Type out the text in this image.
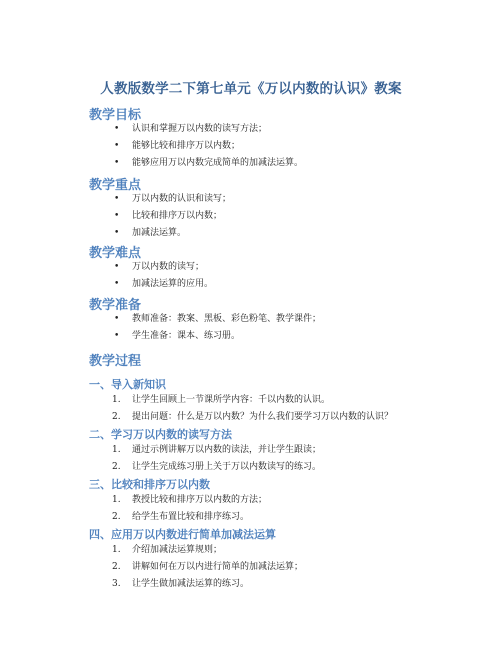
人教版数学二下第七单元《万以内数的认识》教案
教学目标
• 认识和掌握万以内数的读写方法；
• 能够比较和排序万以内数；
• 能够应用万以内数完成简单的加减法运算。
教学重点
• 万以内数的认识和读写；
• 比较和排序万以内数；
• 加减法运算。
教学难点
• 万以内数的读写；
• 加减法运算的应用。
教学准备
• 教师准备：教案、黑板、彩色粉笔、教学课件；
• 学生准备：课本、练习册。
教学过程
一、导入新知识
1. 让学生回顾上一节课所学内容：千以内数的认识。
2. 提出问题：什么是万以内数？为什么我们要学习万以内数的认识？
二、学习万以内数的读写方法
1. 通过示例讲解万以内数的读法，并让学生跟读；
2. 让学生完成练习册上关于万以内数读写的练习。
三、比较和排序万以内数
1. 教授比较和排序万以内数的方法；
2. 给学生布置比较和排序练习。
四、应用万以内数进行简单加减法运算
1. 介绍加减法运算规则；
2. 讲解如何在万以内进行简单的加减法运算；
3. 让学生做加减法运算的练习。
